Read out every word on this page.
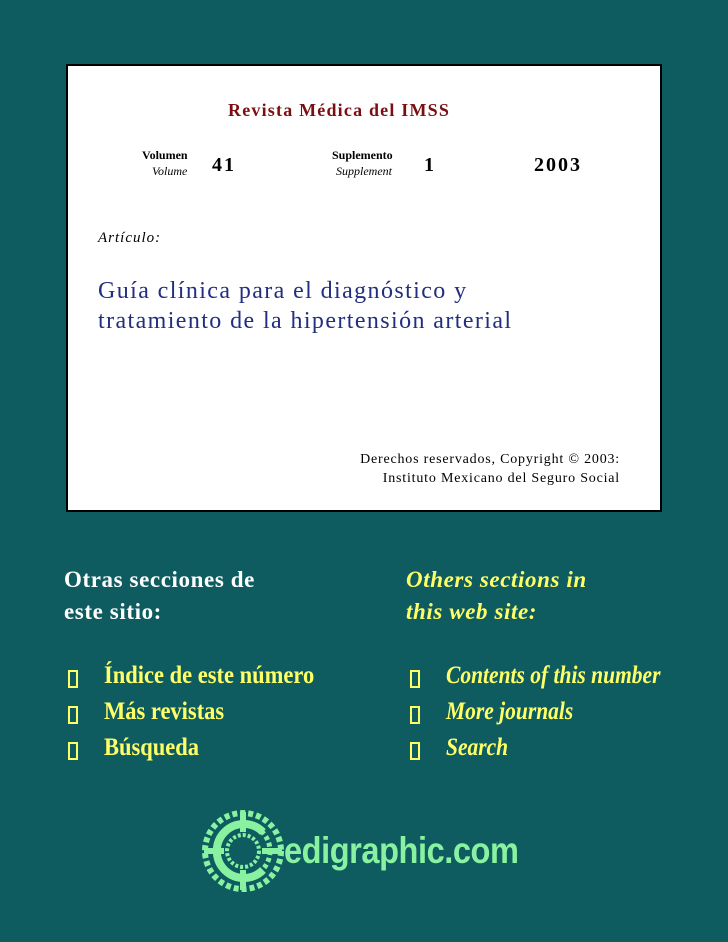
Revista Médica del IMSS
Volumen
Volume 41	Suplemento
Supplement 1	2003
Artículo:
Guía clínica para el diagnóstico y
tratamiento de la hipertensión arterial
Derechos reservados, Copyright © 2003:
Instituto Mexicano del Seguro Social
Otras secciones de
este sitio:
Others sections in
this web site:
Índice de este número
Más revistas
Búsqueda
Contents of this number
More journals
Search
edigraphic.com
